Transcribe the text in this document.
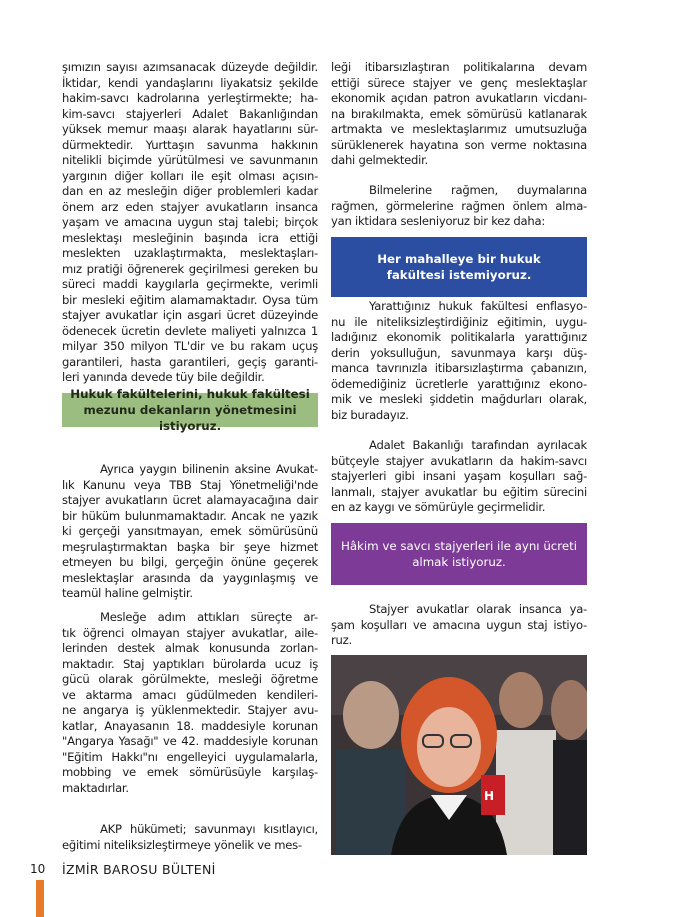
şımızın sayısı azımsanacak düzeyde değildir.
İktidar, kendi yandaşlarını liyakatsiz şekilde
hakim-savcı kadrolarına yerleştirmekte; ha-
kim-savcı stajyerleri Adalet Bakanlığından
yüksek memur maaşı alarak hayatlarını sür-
dürmektedir. Yurttaşın savunma hakkının
nitelikli biçimde yürütülmesi ve savunmanın
yargının diğer kolları ile eşit olması açısın-
dan en az mesleğin diğer problemleri kadar
önem arz eden stajyer avukatların insanca
yaşam ve amacına uygun staj talebi; birçok
meslektaşı mesleğinin başında icra ettiği
meslekten uzaklaştırmakta, meslektaşları-
mız pratiği öğrenerek geçirilmesi gereken bu
süreci maddi kaygılarla geçirmekte, verimli
bir mesleki eğitim alamamaktadır. Oysa tüm
stajyer avukatlar için asgari ücret düzeyinde
ödenecek ücretin devlete maliyeti yalnızca 1
milyar 350 milyon TL'dir ve bu rakam uçuş
garantileri, hasta garantileri, geçiş garanti-
leri yanında devede tüy bile değildir.
Hukuk fakültelerini, hukuk fakültesi mezunu dekanların yönetmesini istiyoruz.
Ayrıca yaygın bilinenin aksine Avukat-
lık Kanunu veya TBB Staj Yönetmeliği'nde
stajyer avukatların ücret alamayacağına dair
bir hüküm bulunmamaktadır. Ancak ne yazık
ki gerçeği yansıtmayan, emek sömürüsünü
meşrulaştırmaktan başka bir şeye hizmet
etmeyen bu bilgi, gerçeğin önüne geçerek
meslektaşlar arasında da yaygınlaşmış ve
teamül haline gelmiştir.
Mesleğe adım attıkları süreçte ar-
tık öğrenci olmayan stajyer avukatlar, aile-
lerinden destek almak konusunda zorlan-
maktadır. Staj yaptıkları bürolarda ucuz iş
gücü olarak görülmekte, mesleği öğretme
ve aktarma amacı güdülmeden kendileri-
ne angarya iş yüklenmektedir. Stajyer avu-
katlar, Anayasanın 18. maddesiyle korunan
"Angarya Yasağı" ve 42. maddesiyle korunan
"Eğitim Hakkı"nı engelleyici uygulamalarla,
mobbing ve emek sömürüsüyle karşılaş-
maktadırlar.
AKP hükümeti; savunmayı kısıtlayıcı,
eğitimi niteliksizleştirmeye yönelik ve mes-
leği itibarsızlaştıran politikalarına devam
ettiği sürece stajyer ve genç meslektaşlar
ekonomik açıdan patron avukatların vicdanı-
na bırakılmakta, emek sömürüsü katlanarak
artmakta ve meslektaşlarımız umutsuzluğa
sürüklenerek hayatına son verme noktasına
dahi gelmektedir.
Bilmelerine rağmen, duymalarına
rağmen, görmelerine rağmen önlem alma-
yan iktidara sesleniyoruz bir kez daha:
Her mahalleye bir hukuk fakültesi istemiyoruz.
Yarattığınız hukuk fakültesi enflasyo-
nu ile niteliksizleştirdiğiniz eğitimin, uygu-
ladığınız ekonomik politikalarla yarattığınız
derin yoksulluğun, savunmaya karşı düş-
manca tavrınızla itibarsızlaştırma çabanızın,
ödemediğiniz ücretlerle yarattığınız ekono-
mik ve mesleki şiddetin mağdurları olarak,
biz buradayız.
Adalet Bakanlığı tarafından ayrılacak
bütçeyle stajyer avukatların da hakim-savcı
stajyerleri gibi insani yaşam koşulları sağ-
lanmalı, stajyer avukatlar bu eğitim sürecini
en az kaygı ve sömürüyle geçirmelidir.
Hâkim ve savcı stajyerleri ile aynı ücreti almak istiyoruz.
Stajyer avukatlar olarak insanca ya-
şam koşulları ve amacına uygun staj istiyo-
ruz.
H
10 İZMİR BAROSU BÜLTENİ
